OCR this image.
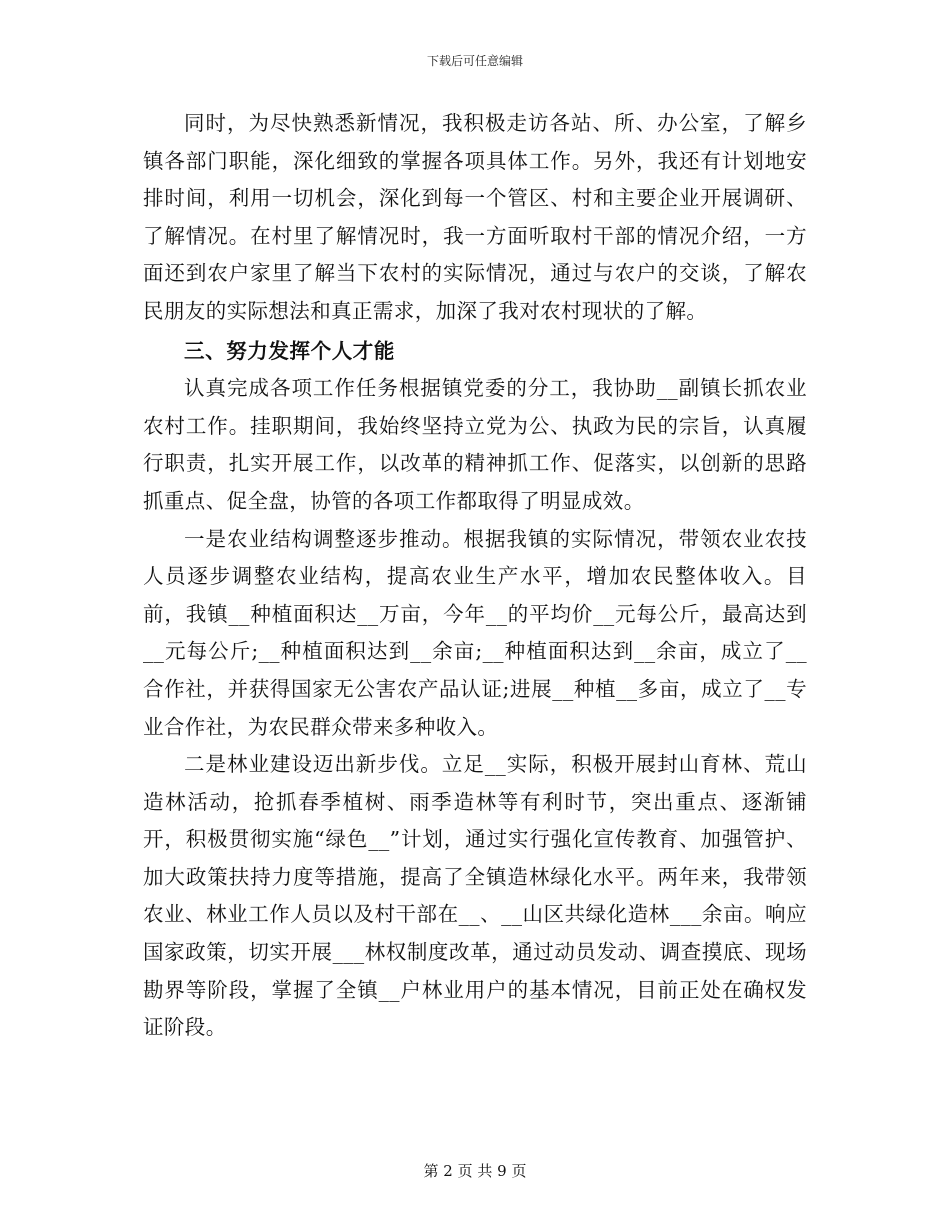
下载后可任意编辑

同时，为尽快熟悉新情况，我积极走访各站、所、办公室，了解乡镇各部门职能，深化细致的掌握各项具体工作。另外，我还有计划地安排时间，利用一切机会，深化到每一个管区、村和主要企业开展调研、了解情况。在村里了解情况时，我一方面听取村干部的情况介绍，一方面还到农户家里了解当下农村的实际情况，通过与农户的交谈，了解农民朋友的实际想法和真正需求，加深了我对农村现状的了解。

三、努力发挥个人才能

认真完成各项工作任务根据镇党委的分工，我协助__副镇长抓农业农村工作。挂职期间，我始终坚持立党为公、执政为民的宗旨，认真履行职责，扎实开展工作，以改革的精神抓工作、促落实，以创新的思路抓重点、促全盘，协管的各项工作都取得了明显成效。

一是农业结构调整逐步推动。根据我镇的实际情况，带领农业农技人员逐步调整农业结构，提高农业生产水平，增加农民整体收入。目前，我镇__种植面积达__万亩，今年__的平均价__元每公斤，最高达到__元每公斤;__种植面积达到__余亩;__种植面积达到__余亩，成立了__合作社，并获得国家无公害农产品认证;进展__种植__多亩，成立了__专业合作社，为农民群众带来多种收入。

二是林业建设迈出新步伐。立足__实际，积极开展封山育林、荒山造林活动，抢抓春季植树、雨季造林等有利时节，突出重点、逐渐铺开，积极贯彻实施“绿色__”计划，通过实行强化宣传教育、加强管护、加大政策扶持力度等措施，提高了全镇造林绿化水平。两年来，我带领农业、林业工作人员以及村干部在__、__山区共绿化造林___余亩。响应国家政策，切实开展___林权制度改革，通过动员发动、调查摸底、现场勘界等阶段，掌握了全镇__户林业用户的基本情况，目前正处在确权发证阶段。

第 2 页 共 9 页
